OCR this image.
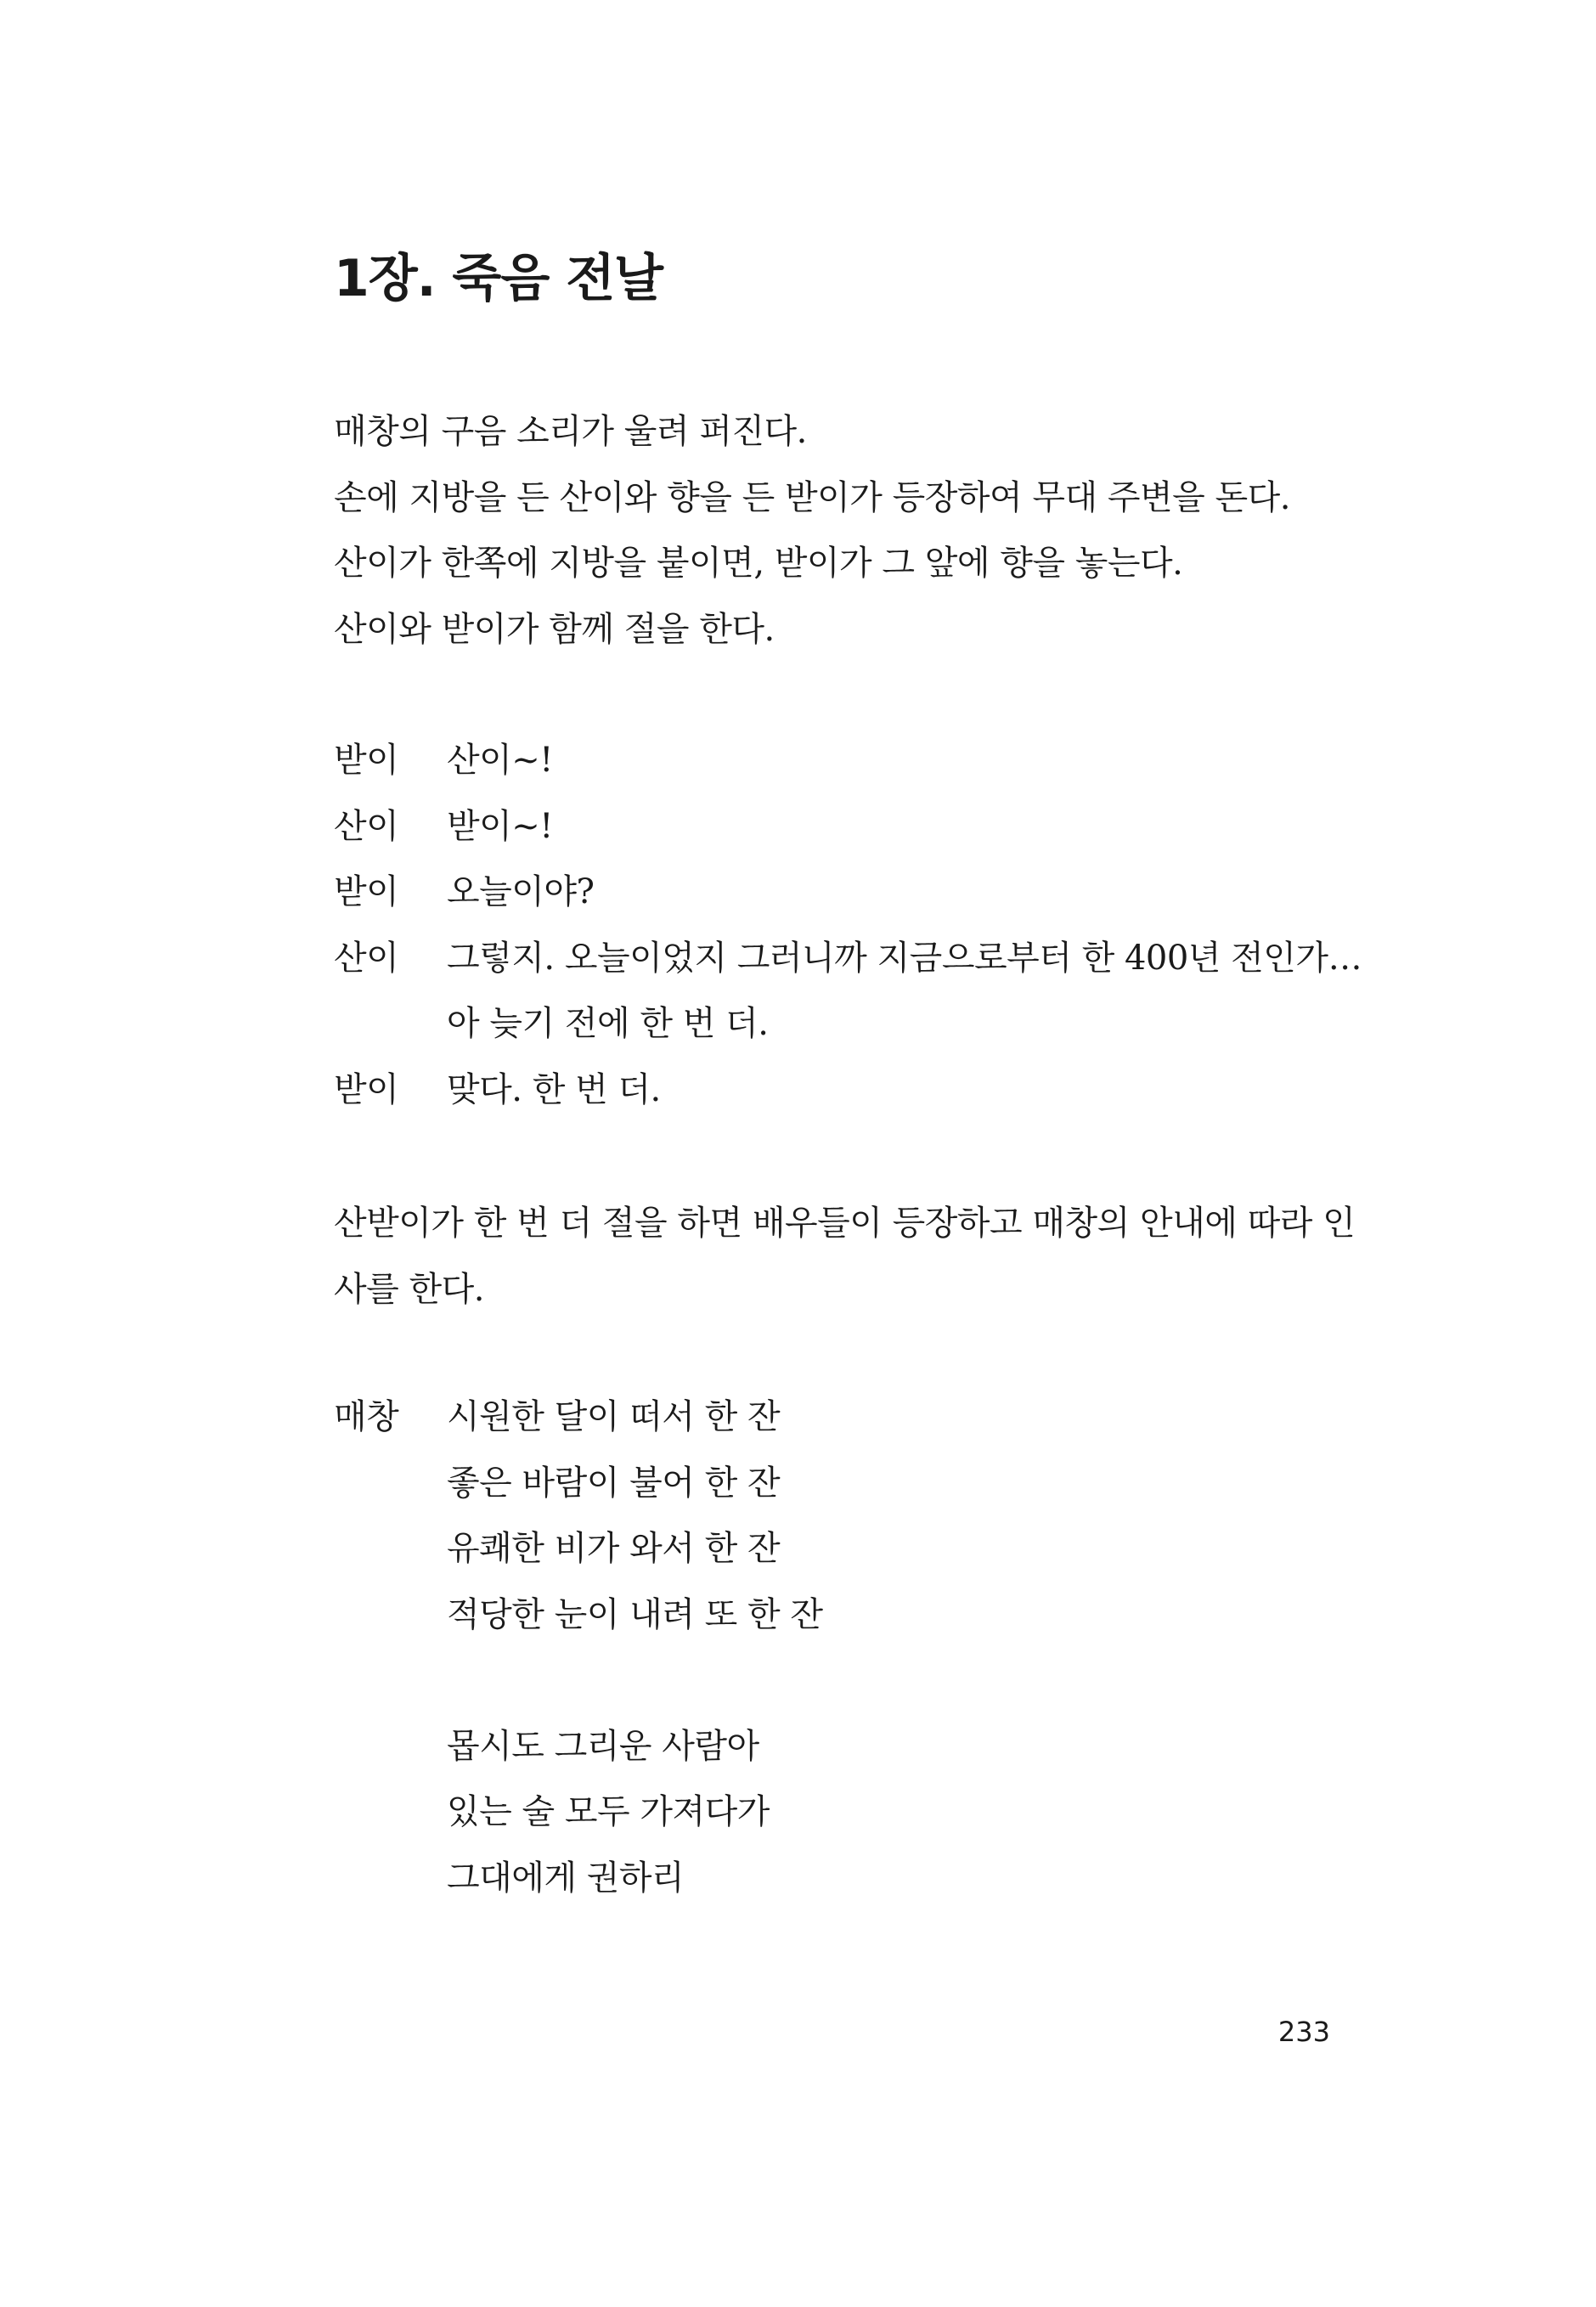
1장. 죽음 전날
매창의 구음 소리가 울려 퍼진다.
손에 지방을 든 산이와 향을 든 받이가 등장하여 무대 주변을 돈다.
산이가 한쪽에 지방을 붙이면, 받이가 그 앞에 향을 놓는다.
산이와 받이가 함께 절을 한다.
받이	산이~!
산이	받이~!
받이	오늘이야?
산이	그렇지. 오늘이었지 그러니까 지금으로부터 한 400년 전인가…
아 늦기 전에 한 번 더.
받이	맞다. 한 번 더.
산받이가 한 번 더 절을 하면 배우들이 등장하고 매창의 안내에 따라 인
사를 한다.
매창	시원한 달이 떠서 한 잔
좋은 바람이 불어 한 잔
유쾌한 비가 와서 한 잔
적당한 눈이 내려 또 한 잔
몹시도 그리운 사람아
있는 술 모두 가져다가
그대에게 권하리
233
